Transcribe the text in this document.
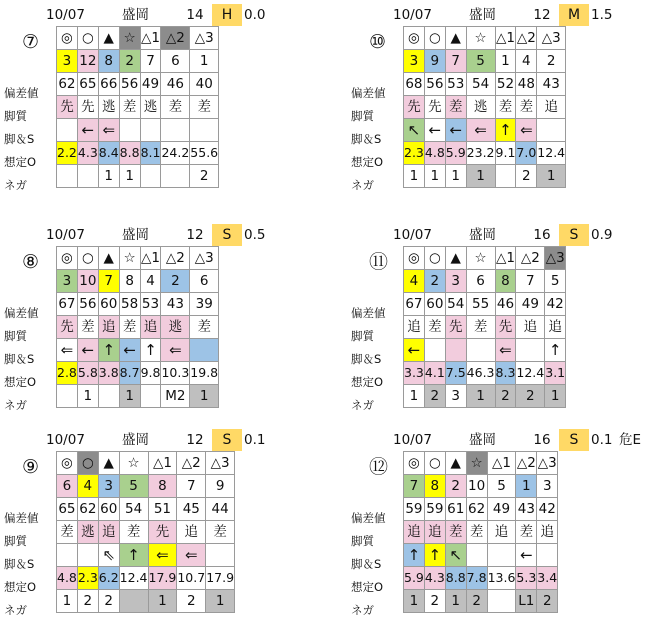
10/07	盛岡	14	H 0.0
⑦
偏差値
脚質
脚＆S
想定O
ネガ
◎	○	▲	☆	△1	△2	△3
3	12	8	2	7	6	1
62	65	66	56	49	46	40
先	先	逃	差	逃	差	差
	←	⇐				
2.2	4.3	8.4	8.8	8.1	24.2	55.6
		1	1			2
10/07	盛岡	12	M 1.5
⑩
偏差値
脚質
脚＆S
想定O
ネガ
◎	○	▲	☆	△1	△2	△3
3	9	7	5	1	4	2
68	56	53	54	52	48	43
先	先	差	逃	差	差	追
↖	←	←	⇐	↑	⇐	
2.3	4.8	5.9	23.2	9.1	7.0	12.4
1	1	1	1		2	1
10/07	盛岡	12	S 0.5
⑧
偏差値
脚質
脚＆S
想定O
ネガ
◎	○	▲	☆	△1	△2	△3
3	10	7	8	4	2	6
67	56	60	58	53	43	39
先	差	追	差	追	逃	差
⇐	←	↑	←	↑	⇐	
2.8	5.8	3.8	8.7	9.8	10.3	19.8
	1		1		M2	1
10/07	盛岡	16	S 0.9
⑪
偏差値
脚質
脚＆S
想定O
ネガ
◎	○	▲	☆	△1	△2	△3
4	2	3	6	8	7	5
67	60	54	55	46	49	42
追	差	先	差	先	追	追
←				⇐		↑
3.3	4.1	7.5	46.3	8.3	12.4	3.1
1	2	3	1	2	2	1
10/07	盛岡	12	S 0.1
⑨
偏差値
脚質
脚＆S
想定O
ネガ
◎	○	▲	☆	△1	△2	△3
6	4	3	5	8	7	9
65	62	60	54	51	45	44
差	逃	追	差	先	追	差
		⇖	↑	⇐	⇐	
4.8	2.3	6.2	12.4	17.9	10.7	17.9
1	2	2		1	2	1
10/07	盛岡	16	S 0.1 危E
⑫
偏差値
脚質
脚＆S
想定O
ネガ
◎	○	▲	☆	△1	△2	△3
7	8	2	10	5	1	3
59	59	61	62	49	43	42
追	追	差	差	追	差	追
↑	↑	↖			←	
5.9	4.3	8.8	7.8	13.6	5.3	3.4
1	2	1	2		L1	2
